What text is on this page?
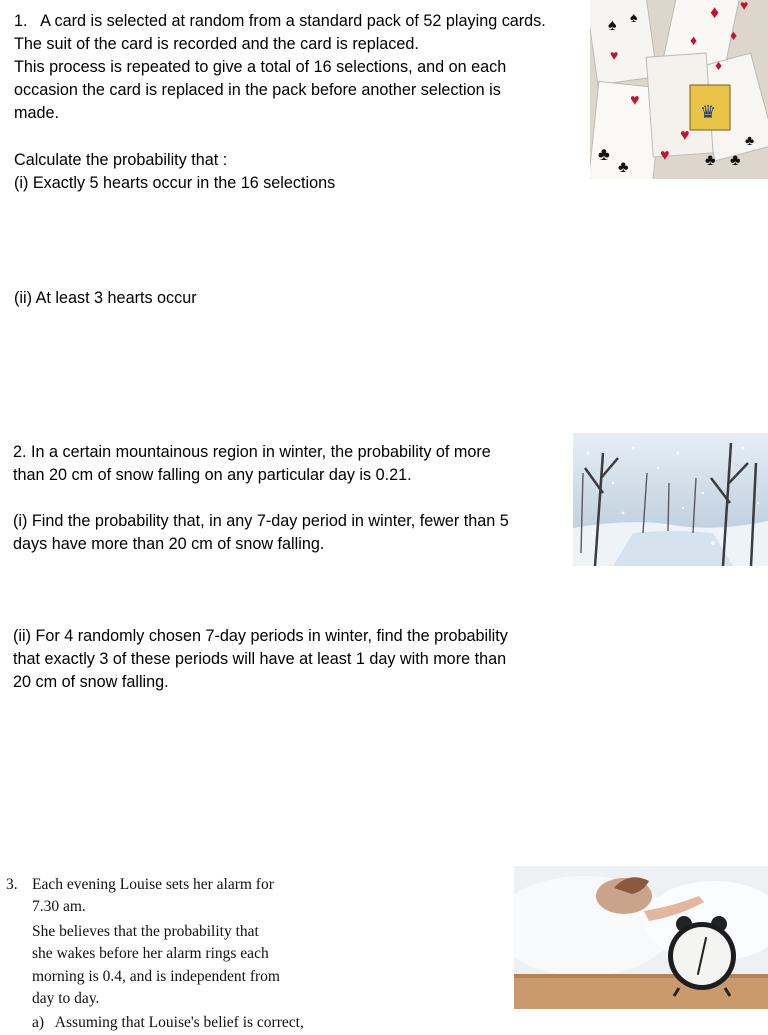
1.   A card is selected at random from a standard pack of 52 playing cards.
The suit of the card is recorded and the card is replaced.
This process is repeated to give a total of 16 selections, and on each
occasion the card is replaced in the pack before another selection is
made.
Calculate the probability that :
(i) Exactly 5 hearts occur in the 16 selections
(ii) At least 3 hearts occur
♠ ♠	♦ ♥
♥
♥
♦
♦
♦
♛
♣
♣
♥
♣ ♣
♣
♥
2. In a certain mountainous region in winter, the probability of more
than 20 cm of snow falling on any particular day is 0.21.
(i) Find the probability that, in any 7-day period in winter, fewer than 5
days have more than 20 cm of snow falling.
(ii) For 4 randomly chosen 7-day periods in winter, find the probability
that exactly 3 of these periods will have at least 1 day with more than
20 cm of snow falling.
3. Each evening Louise sets her alarm for
7.30 am.
She believes that the probability that
she wakes before her alarm rings each
morning is 0.4, and is independent from
day to day.
a)   Assuming that Louise's belief is correct,
